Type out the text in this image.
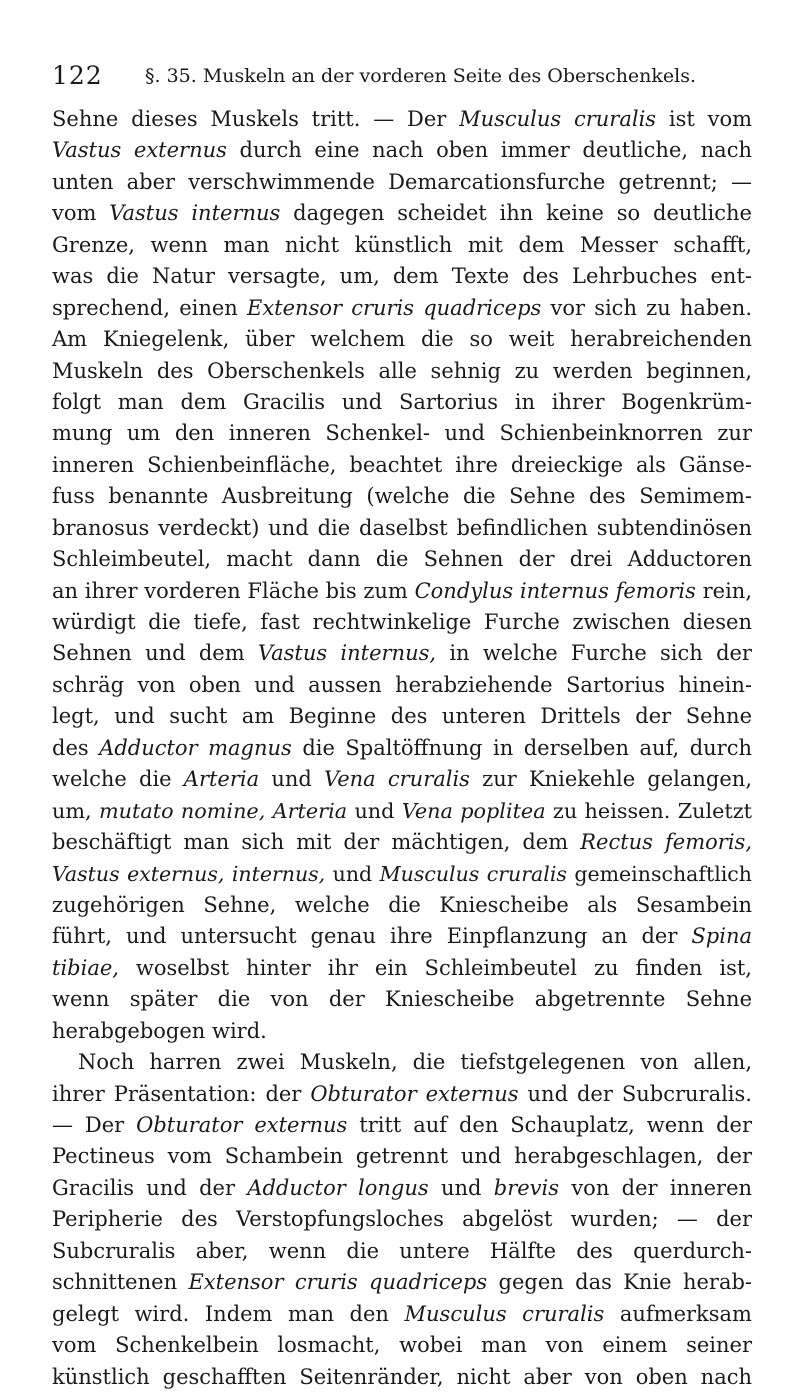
122 §. 35. Muskeln an der vorderen Seite des Oberschenkels.
Sehne dieses Muskels tritt. — Der Musculus cruralis ist vom
Vastus externus durch eine nach oben immer deutliche, nach
unten aber verschwimmende Demarcationsfurche getrennt; —
vom Vastus internus dagegen scheidet ihn keine so deutliche
Grenze, wenn man nicht künstlich mit dem Messer schafft,
was die Natur versagte, um, dem Texte des Lehrbuches ent-
sprechend, einen Extensor cruris quadriceps vor sich zu haben.
Am Kniegelenk, über welchem die so weit herabreichenden
Muskeln des Oberschenkels alle sehnig zu werden beginnen,
folgt man dem Gracilis und Sartorius in ihrer Bogenkrüm-
mung um den inneren Schenkel- und Schienbeinknorren zur
inneren Schienbeinfläche, beachtet ihre dreieckige als Gänse-
fuss benannte Ausbreitung (welche die Sehne des Semimem-
branosus verdeckt) und die daselbst befindlichen subtendinösen
Schleimbeutel, macht dann die Sehnen der drei Adductoren
an ihrer vorderen Fläche bis zum Condylus internus femoris rein,
würdigt die tiefe, fast rechtwinkelige Furche zwischen diesen
Sehnen und dem Vastus internus, in welche Furche sich der
schräg von oben und aussen herabziehende Sartorius hinein-
legt, und sucht am Beginne des unteren Drittels der Sehne
des Adductor magnus die Spaltöffnung in derselben auf, durch
welche die Arteria und Vena cruralis zur Kniekehle gelangen,
um, mutato nomine, Arteria und Vena poplitea zu heissen. Zuletzt
beschäftigt man sich mit der mächtigen, dem Rectus femoris,
Vastus externus, internus, und Musculus cruralis gemeinschaftlich
zugehörigen Sehne, welche die Kniescheibe als Sesambein
führt, und untersucht genau ihre Einpflanzung an der Spina
tibiae, woselbst hinter ihr ein Schleimbeutel zu finden ist,
wenn später die von der Kniescheibe abgetrennte Sehne
herabgebogen wird.
Noch harren zwei Muskeln, die tiefstgelegenen von allen,
ihrer Präsentation: der Obturator externus und der Subcruralis.
— Der Obturator externus tritt auf den Schauplatz, wenn der
Pectineus vom Schambein getrennt und herabgeschlagen, der
Gracilis und der Adductor longus und brevis von der inneren
Peripherie des Verstopfungsloches abgelöst wurden; — der
Subcruralis aber, wenn die untere Hälfte des querdurch-
schnittenen Extensor cruris quadriceps gegen das Knie herab-
gelegt wird. Indem man den Musculus cruralis aufmerksam
vom Schenkelbein losmacht, wobei man von einem seiner
künstlich geschafften Seitenränder, nicht aber von oben nach
